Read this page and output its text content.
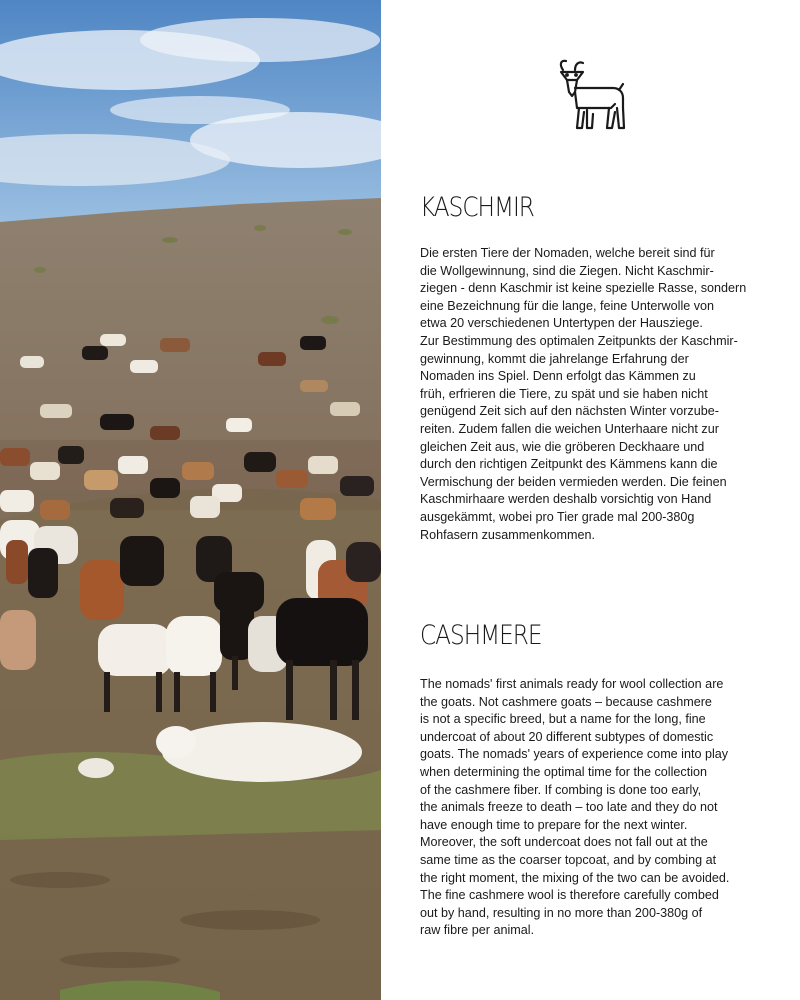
KASCHMIR

Die ersten Tiere der Nomaden, welche bereit sind für
die Wollgewinnung, sind die Ziegen. Nicht Kaschmir-
ziegen - denn Kaschmir ist keine spezielle Rasse, sondern
eine Bezeichnung für die lange, feine Unterwolle von
etwa 20 verschiedenen Untertypen der Hausziege.
Zur Bestimmung des optimalen Zeitpunkts der Kaschmir-
gewinnung, kommt die jahrelange Erfahrung der
Nomaden ins Spiel. Denn erfolgt das Kämmen zu
früh, erfrieren die Tiere, zu spät und sie haben nicht
genügend Zeit sich auf den nächsten Winter vorzube-
reiten. Zudem fallen die weichen Unterhaare nicht zur
gleichen Zeit aus, wie die gröberen Deckhaare und
durch den richtigen Zeitpunkt des Kämmens kann die
Vermischung der beiden vermieden werden. Die feinen
Kaschmirhaare werden deshalb vorsichtig von Hand
ausgekämmt, wobei pro Tier grade mal 200-380g
Rohfasern zusammenkommen.

CASHMERE

The nomads' first animals ready for wool collection are
the goats. Not cashmere goats – because cashmere
is not a specific breed, but a name for the long, fine
undercoat of about 20 different subtypes of domestic
goats. The nomads' years of experience come into play
when determining the optimal time for the collection
of the cashmere fiber. If combing is done too early,
the animals freeze to death – too late and they do not
have enough time to prepare for the next winter.
Moreover, the soft undercoat does not fall out at the
same time as the coarser topcoat, and by combing at
the right moment, the mixing of the two can be avoided.
The fine cashmere wool is therefore carefully combed
out by hand, resulting in no more than 200-380g of
raw fibre per animal.
